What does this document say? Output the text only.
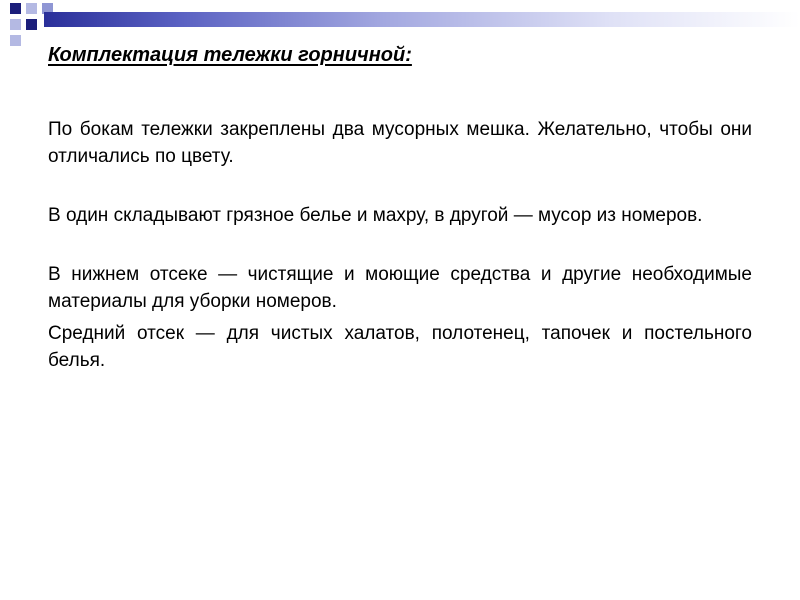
Комплектация тележки горничной:
По бокам тележки закреплены два мусорных мешка. Желательно, чтобы они отличались по цвету.
В один складывают грязное белье и махру, в другой — мусор из номеров.
В нижнем отсеке — чистящие и моющие средства и другие необходимые материалы для уборки номеров.
Средний отсек — для чистых халатов, полотенец, тапочек и постельного белья.
